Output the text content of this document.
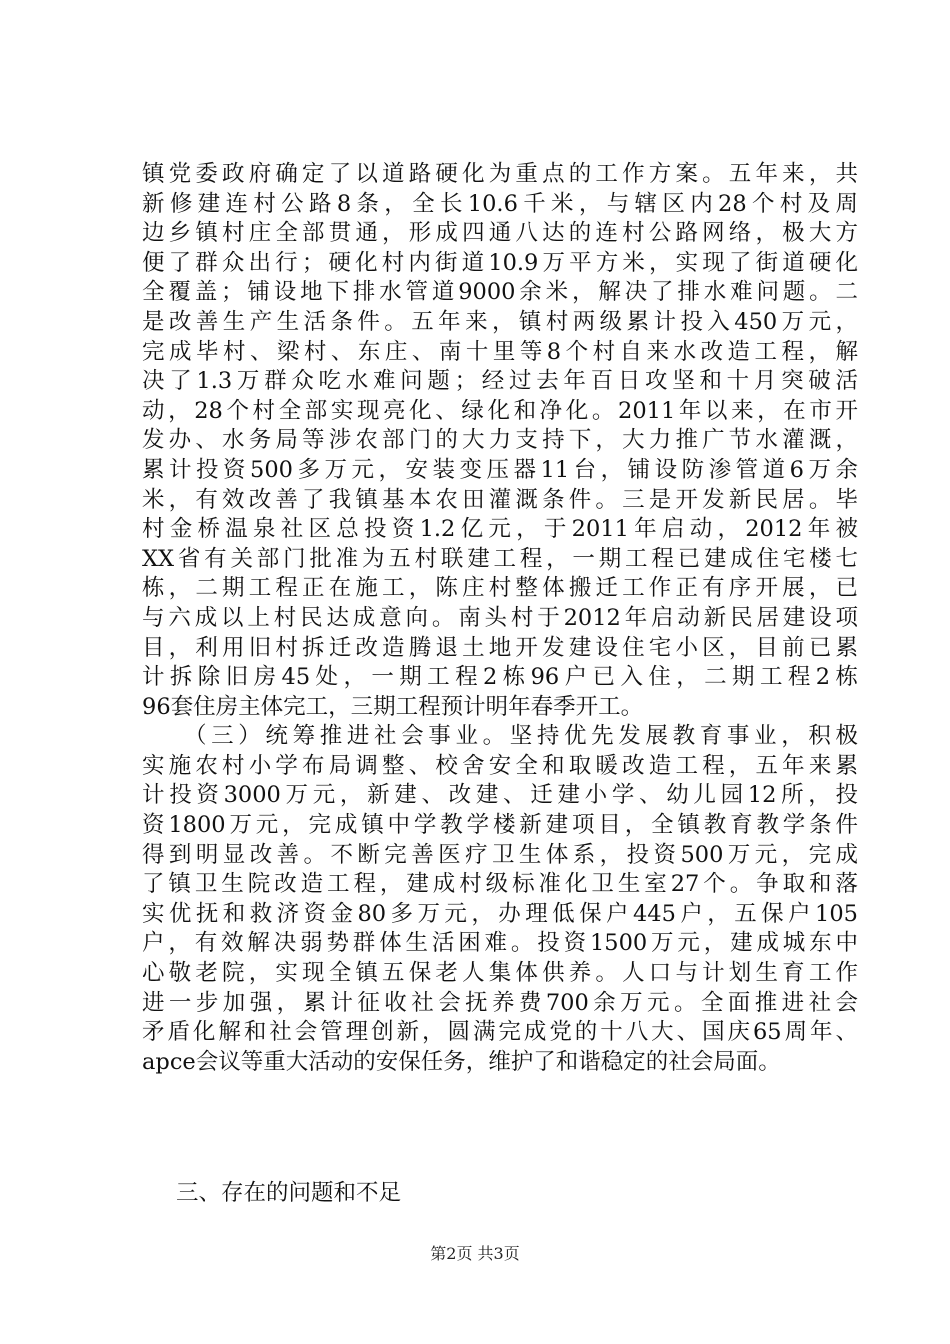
镇党委政府确定了以道路硬化为重点的工作方案。五年来，共
新修建连村公路8条，全长10.6千米，与辖区内28个村及周
边乡镇村庄全部贯通，形成四通八达的连村公路网络，极大方
便了群众出行；硬化村内街道10.9万平方米，实现了街道硬化
全覆盖；铺设地下排水管道9000余米，解决了排水难问题。二
是改善生产生活条件。五年来，镇村两级累计投入450万元，
完成毕村、梁村、东庄、南十里等8个村自来水改造工程，解
决了1.3万群众吃水难问题；经过去年百日攻坚和十月突破活
动，28个村全部实现亮化、绿化和净化。2011年以来，在市开
发办、水务局等涉农部门的大力支持下，大力推广节水灌溉，
累计投资500多万元，安装变压器11台，铺设防渗管道6万余
米，有效改善了我镇基本农田灌溉条件。三是开发新民居。毕
村金桥温泉社区总投资1.2亿元，于2011年启动，2012年被
XX省有关部门批准为五村联建工程，一期工程已建成住宅楼七
栋，二期工程正在施工，陈庄村整体搬迁工作正有序开展，已
与六成以上村民达成意向。南头村于2012年启动新民居建设项
目，利用旧村拆迁改造腾退土地开发建设住宅小区，目前已累
计拆除旧房45处，一期工程2栋96户已入住，二期工程2栋
96套住房主体完工，三期工程预计明年春季开工。
（三）统筹推进社会事业。坚持优先发展教育事业，积极
实施农村小学布局调整、校舍安全和取暖改造工程，五年来累
计投资3000万元，新建、改建、迁建小学、幼儿园12所，投
资1800万元，完成镇中学教学楼新建项目，全镇教育教学条件
得到明显改善。不断完善医疗卫生体系，投资500万元，完成
了镇卫生院改造工程，建成村级标准化卫生室27个。争取和落
实优抚和救济资金80多万元，办理低保户445户，五保户105
户，有效解决弱势群体生活困难。投资1500万元，建成城东中
心敬老院，实现全镇五保老人集体供养。人口与计划生育工作
进一步加强，累计征收社会抚养费700余万元。全面推进社会
矛盾化解和社会管理创新，圆满完成党的十八大、国庆65周年、
apce会议等重大活动的安保任务，维护了和谐稳定的社会局面。
三、存在的问题和不足
第2页 共3页
